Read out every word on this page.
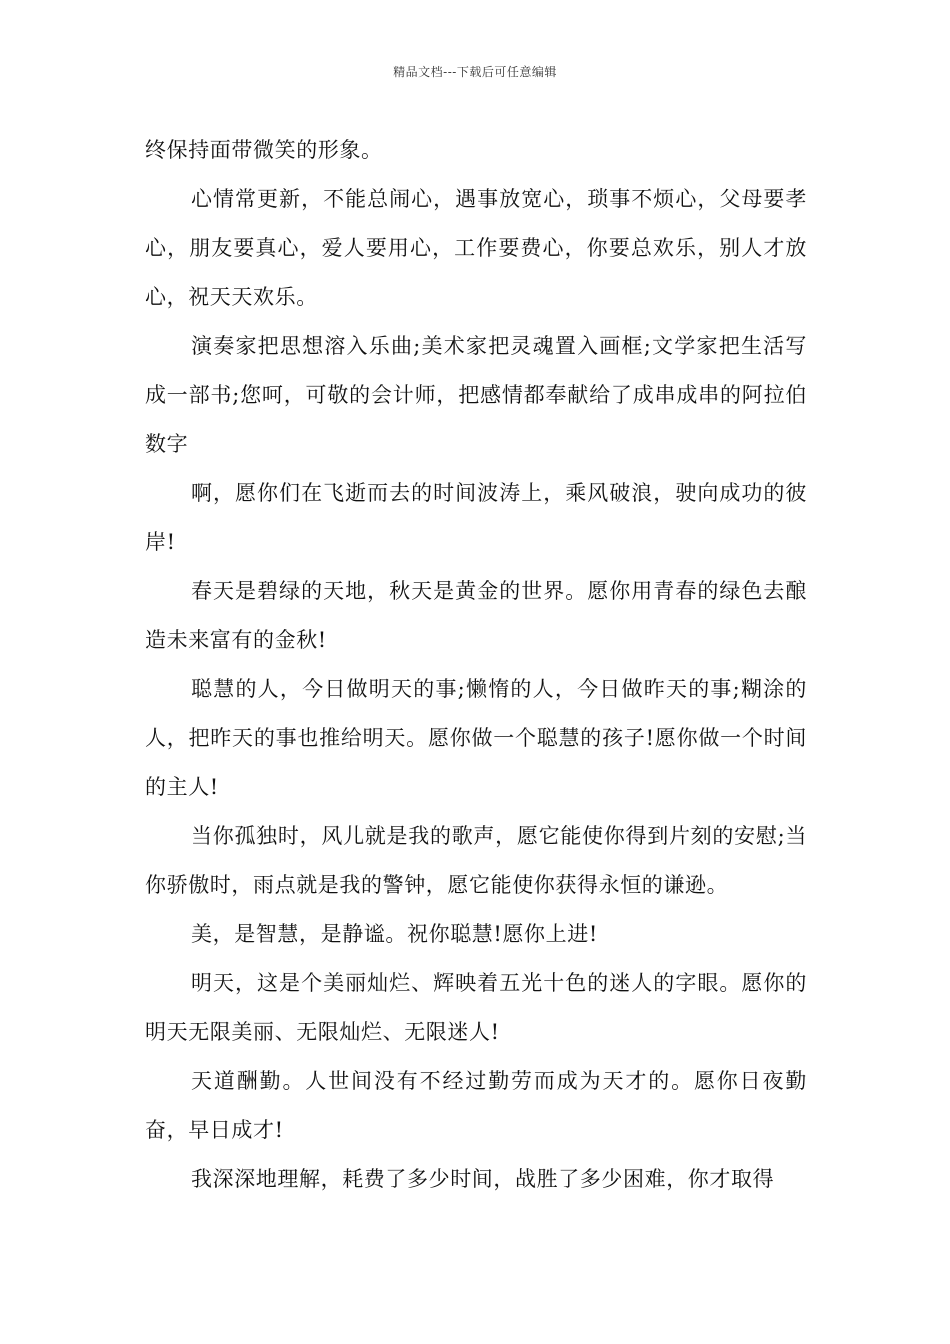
精品文档---下载后可任意编辑

终保持面带微笑的形象。

心情常更新，不能总闹心，遇事放宽心，琐事不烦心，父母要孝心，朋友要真心，爱人要用心，工作要费心，你要总欢乐，别人才放心，祝天天欢乐。

演奏家把思想溶入乐曲;美术家把灵魂置入画框;文学家把生活写成一部书;您呵，可敬的会计师，把感情都奉献给了成串成串的阿拉伯数字

啊，愿你们在飞逝而去的时间波涛上，乘风破浪，驶向成功的彼岸!

春天是碧绿的天地，秋天是黄金的世界。愿你用青春的绿色去酿造未来富有的金秋!

聪慧的人，今日做明天的事;懒惰的人，今日做昨天的事;糊涂的人，把昨天的事也推给明天。愿你做一个聪慧的孩子!愿你做一个时间的主人!

当你孤独时，风儿就是我的歌声，愿它能使你得到片刻的安慰;当你骄傲时，雨点就是我的警钟，愿它能使你获得永恒的谦逊。

美，是智慧，是静谧。祝你聪慧!愿你上进!

明天，这是个美丽灿烂、辉映着五光十色的迷人的字眼。愿你的明天无限美丽、无限灿烂、无限迷人!

天道酬勤。人世间没有不经过勤劳而成为天才的。愿你日夜勤奋，早日成才!

我深深地理解，耗费了多少时间，战胜了多少困难，你才取得
